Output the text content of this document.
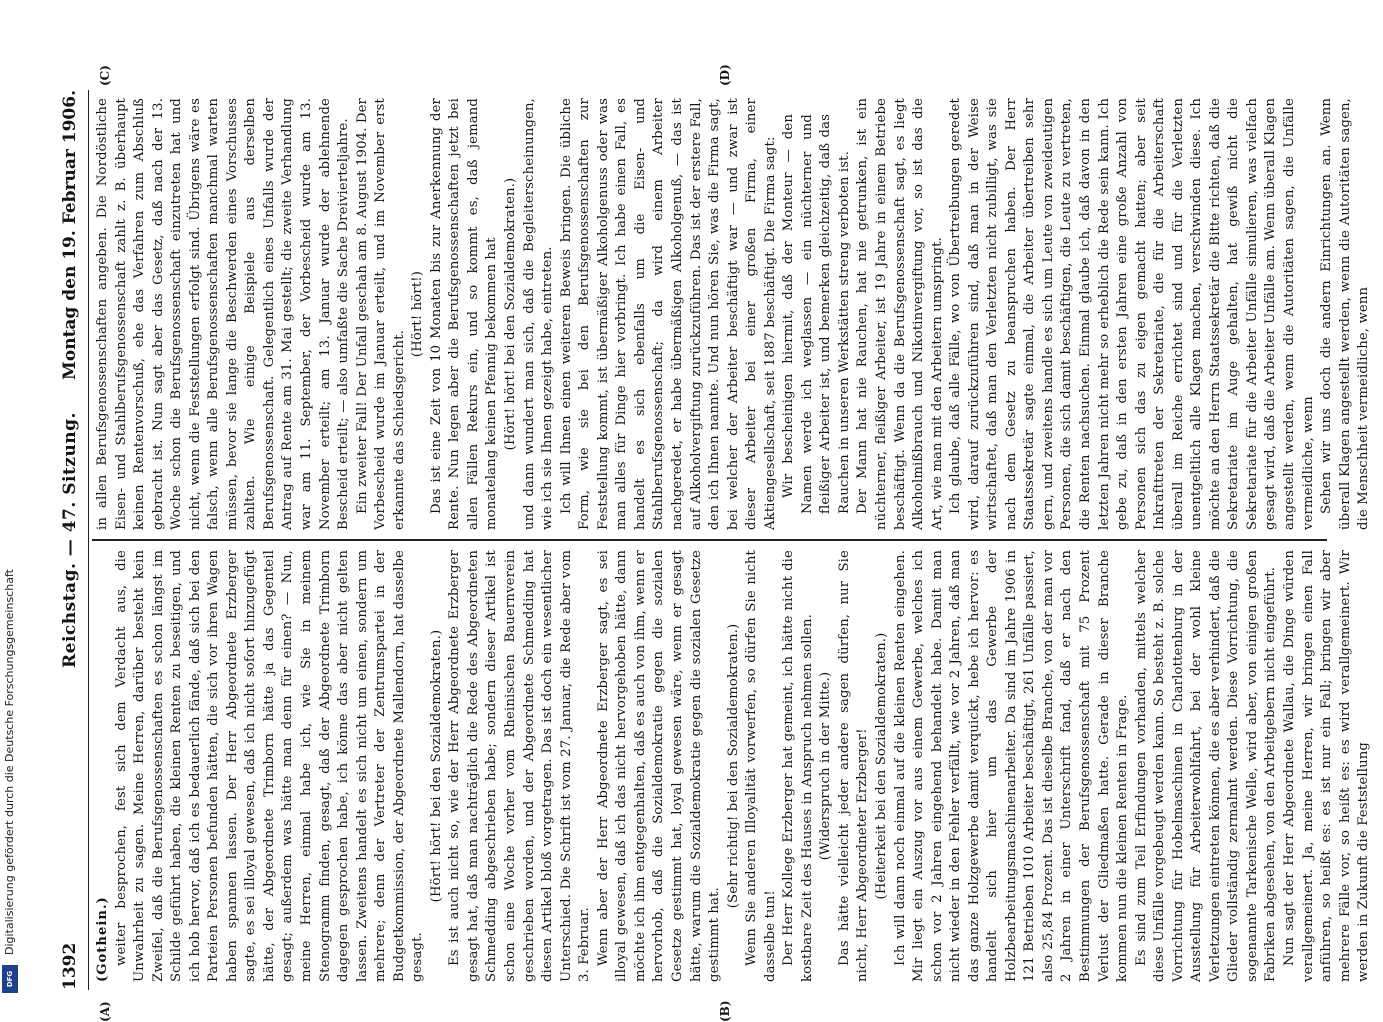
Digitalisierung gefördert durch die Deutsche Forschungsgemeinschaft
DFG
Reichstag. — 47. Sitzung.
1392
Montag den 19. Februar 1906.
(A)	(B)
(C)	(D)

(Gothein.) weiter besprochen, fest sich dem Verdacht aus, die Unwahrheit zu sagen. Meine Herren, darüber besteht kein Zweifel, daß die Berufsgenossenschaften es schon längst im Schilde geführt haben, die kleinen Renten zu beseitigen, und ich hob hervor, daß ich es bedauerlich fände, daß sich bei den Parteien Personen befunden hätten, die sich vor ihren Wagen haben spannen lassen. Der Herr Abgeordnete Erzberger sagte, es sei illoyal gewesen, daß ich nicht sofort hinzugefügt hätte, der Abgeordnete Trimborn hätte ja das Gegenteil gesagt; außerdem was hätte man denn für einen? — Nun, meine Herren, einmal habe ich, wie Sie in meinem Stenogramm finden, gesagt, daß der Abgeordnete Trimborn dagegen gesprochen habe, ich könne das aber nicht gelten lassen. Zweitens handelt es sich nicht um einen, sondern um mehrere; denn der Vertreter der Zentrumspartei in der Budgetkommission, der Abgeordnete Mallendorn, hat dasselbe gesagt.

(Hört! hört! bei den Sozialdemokraten.) Es ist auch nicht so, wie der Herr Abgeordnete Erzberger gesagt hat, daß man nachträglich die Rede des Abgeordneten Schmedding abgeschrieben habe; sondern dieser Artikel ist schon eine Woche vorher vom Rheinischen Bauernverein geschrieben worden, und der Abgeordnete Schmedding hat diesen Artikel bloß vorgetragen. Das ist doch ein wesentlicher Unterschied. Die Schrift ist vom 27. Januar, die Rede aber vom 3. Februar. Wenn aber der Herr Abgeordnete Erzberger sagt, es sei illoyal gewesen, daß ich das nicht hervorgehoben hätte, dann möchte ich ihm entgegenhalten, daß es auch von ihm, wenn er hervorhob, daß die Sozialdemokratie gegen die sozialen Gesetze gestimmt hat, loyal gewesen wäre, wenn er gesagt hätte, warum die Sozialdemokratie gegen die sozialen Gesetze gestimmt hat.

(Sehr richtig! bei den Sozialdemokraten.) Wenn Sie anderen Illoyalität vorwerfen, so dürfen Sie nicht dasselbe tun! Der Herr Kollege Erzberger hat gemeint, ich hätte nicht die kostbare Zeit des Hauses in Anspruch nehmen sollen. (Widerspruch in der Mitte.) Das hätte vielleicht jeder andere sagen dürfen, nur Sie nicht, Herr Abgeordneter Erzberger! (Heiterkeit bei den Sozialdemokraten.) Ich will dann noch einmal auf die kleinen Renten eingehen. Mir liegt ein Auszug vor aus einem Gewerbe, welches ich schon vor 2 Jahren eingehend behandelt habe. Damit man nicht wieder in den Fehler verfällt, wie vor 2 Jahren, daß man das ganze Holzgewerbe damit verquickt, hebe ich hervor: es handelt sich hier um das Gewerbe der Holzbearbeitungsmaschinenarbeiter. Da sind im Jahre 1906 in 121 Betrieben 1010 Arbeiter beschäftigt, 261 Unfälle passiert, also 25,84 Prozent. Das ist dieselbe Branche, von der man vor 2 Jahren in einer Unterschrift fand, daß er nach den Bestimmungen der Berufsgenossenschaft mit 75 Prozent Verlust der Gliedmaßen hatte. Gerade in dieser Branche kommen nun die kleinen Renten in Frage. Es sind zum Teil Erfindungen vorhanden, mittels welcher diese Unfälle vorgebeugt werden kann. So besteht z. B. solche Vorrichtung für Hobelmaschinen in Charlottenburg in der Ausstellung für Arbeiterwohlfahrt, bei der wohl kleine Verletzungen eintreten können, die es aber verhindert, daß die Glieder vollständig zermalmt werden. Diese Vorrichtung, die sogenannte Tarkenische Welle, wird aber, von einigen großen Fabriken abgesehen, von den Arbeitgebern nicht eingeführt. Nun sagt der Herr Abgeordnete Wallau, die Dinge würden verallgemeinert. Ja, meine Herren, wir bringen einen Fall anführen, so heißt es: es ist nur ein Fall; bringen wir aber mehrere Fälle vor, so heißt es: es wird verallgemeinert. Wir werden in Zukunft die Feststellung

in allen Berufsgenossenschaften angeben. Die Nordöstliche Eisen- und Stahlberufsgenossenschaft zahlt z. B. überhaupt keinen Rentenvorschuß, ehe das Verfahren zum Abschluß gebracht ist. Nun sagt aber das Gesetz, daß nach der 13. Woche schon die Berufsgenossenschaft einzutreten hat und nicht, wenn die Feststellungen erfolgt sind. Übrigens wäre es falsch, wenn alle Berufsgenossenschaften manchmal warten müssen, bevor sie lange die Beschwerden eines Vorschusses zahlten. Wie einige Beispiele aus derselben Berufsgenossenschaft. Gelegentlich eines Unfalls wurde der Antrag auf Rente am 31. Mai gestellt; die zweite Verhandlung war am 11. September, der Vorbescheid wurde am 13. November erteilt; am 13. Januar wurde der ablehnende Bescheid erteilt; — also umfaßte die Sache Dreivierteljahre. Ein zweiter Fall! Der Unfall geschah am 8. August 1904. Der Vorbescheid wurde im Januar erteilt, und im November erst erkannte das Schiedsgericht.

(Hört! hört!) Das ist eine Zeit von 10 Monaten bis zur Anerkennung der Rente. Nun legen aber die Berufsgenossenschaften jetzt bei allen Fällen Rekurs ein, und so kommt es, daß jemand monatelang keinen Pfennig bekommen hat (Hört! hört! bei den Sozialdemokraten.) und dann wundert man sich, daß die Begleiterscheinungen, wie ich sie Ihnen gezeigt habe, eintreten. Ich will Ihnen einen weiteren Beweis bringen. Die übliche Form, wie sie bei den Berufsgenossenschaften zur Feststellung kommt, ist übermäßiger Alkoholgenuss oder was man alles für Dinge hier vorbringt. Ich habe einen Fall, es handelt es sich ebenfalls um die Eisen- und Stahlberufsgenossenschaft; da wird einem Arbeiter nachgeredet, er habe übermäßigen Alkoholgenuß, — das ist auf Alkoholvergiftung zurückzuführen. Das ist der erstere Fall, den ich Ihnen nannte. Und nun hören Sie, was die Firma sagt, bei welcher der Arbeiter beschäftigt war — und zwar ist dieser Arbeiter bei einer großen Firma, einer Aktiengesellschaft, seit 1887 beschäftigt. Die Firma sagt: Wir bescheinigen hiermit, daß der Monteur — den Namen werde ich weglassen — ein nüchterner und fleißiger Arbeiter ist, und bemerken gleichzeitig, daß das Rauchen in unseren Werkstätten streng verboten ist. Der Mann hat nie Rauchen, hat nie getrunken, ist ein nüchterner, fleißiger Arbeiter, ist 19 Jahre in einem Betriebe beschäftigt. Wenn da die Berufsgenossenschaft sagt, es liegt Alkoholmißbrauch und Nikotinvergiftung vor, so ist das die Art, wie man mit den Arbeitern umspringt. Ich glaube, daß alle Fälle, wo von Übertreibungen geredet wird, darauf zurückzuführen sind, daß man in der Weise wirtschaftet, daß man den Verletzten nicht zubilligt, was sie nach dem Gesetz zu beanspruchen haben. Der Herr Staatssekretär sagte einmal, die Arbeiter übertreiben sehr gern, und zweitens handle es sich um Leute von zweideutigen Personen, die sich damit beschäftigen, die Leute zu vertreten, die Renten nachsuchen. Einmal glaube ich, daß davon in den letzten Jahren nicht mehr so erheblich die Rede sein kann. Ich gebe zu, daß in den ersten Jahren eine große Anzahl von Personen sich das zu eigen gemacht hatten; aber seit Inkrafttreten der Sekretariate, die für die Arbeiterschaft überall im Reiche errichtet sind und für die Verletzten unentgeltlich alle Klagen machen, verschwinden diese. Ich möchte an den Herrn Staatssekretär die Bitte richten, daß die Sekretariate im Auge gehalten, hat gewiß nicht die Sekretariate für die Arbeiter Unfälle simulieren, was vielfach gesagt wird, daß die Arbeiter Unfälle am. Wenn überall Klagen angestellt werden, wenn die Autoritäten sagen, die Unfälle vermeidliche, wenn Sehen wir uns doch die andern Einrichtungen an. Wenn überall Klagen angestellt werden, wenn die Autoritäten sagen, die Menschheit vermeidliche, wenn
